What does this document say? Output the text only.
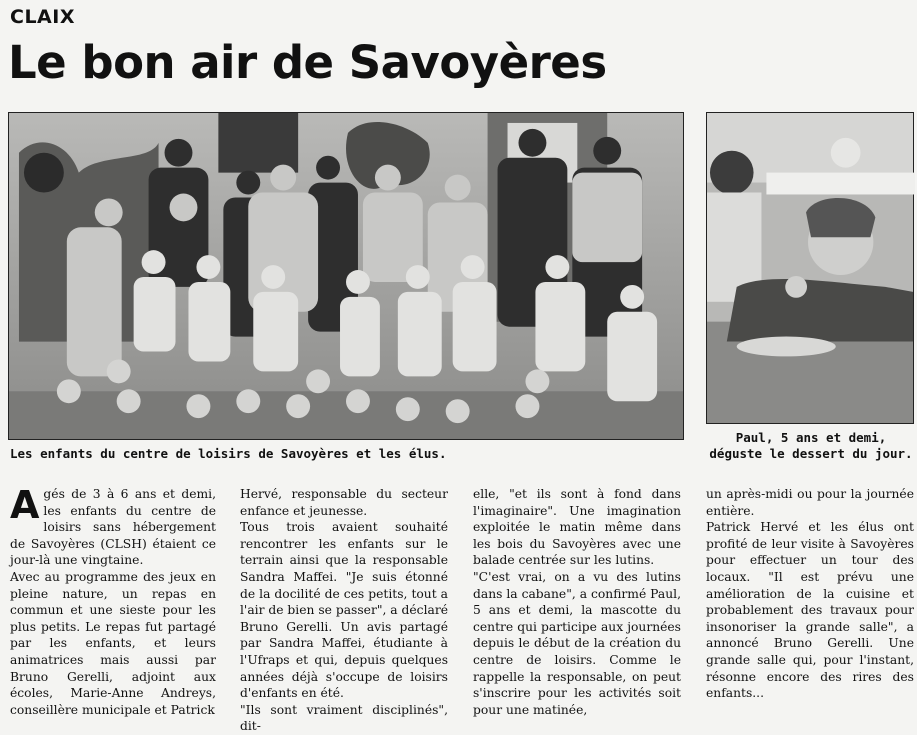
CLAIX
Le bon air de Savoyères
Les enfants du centre de loisirs de Savoyères et les élus.
Paul, 5 ans et demi,
déguste le dessert du jour.
A gés de 3 à 6 ans et demi, les enfants du centre de loisirs sans hébergement de Savoyères (CLSH) étaient ce jour-là une vingtaine.

Avec au programme des jeux en pleine nature, un repas en commun et une sieste pour les plus petits. Le repas fut partagé par les enfants, et leurs animatrices mais aussi par Bruno Gerelli, adjoint aux écoles, Marie-Anne Andreys, conseillère municipale et Patrick

Hervé, responsable du secteur enfance et jeunesse.

Tous trois avaient souhaité rencontrer les enfants sur le terrain ainsi que la responsable Sandra Maffei. "Je suis étonné de la docilité de ces petits, tout a l'air de bien se passer", a déclaré Bruno Gerelli. Un avis partagé par Sandra Maffei, étudiante à l'Ufraps et qui, depuis quelques années déjà s'occupe de loisirs d'enfants en été.

"Ils sont vraiment disciplinés", dit-

elle, "et ils sont à fond dans l'imaginaire". Une imagination exploitée le matin même dans les bois du Savoyères avec une balade centrée sur les lutins.

"C'est vrai, on a vu des lutins dans la cabane", a confirmé Paul, 5 ans et demi, la mascotte du centre qui participe aux journées depuis le début de la création du centre de loisirs. Comme le rappelle la responsable, on peut s'inscrire pour les activités soit pour une matinée,

un après-midi ou pour la journée entière.

Patrick Hervé et les élus ont profité de leur visite à Savoyères pour effectuer un tour des locaux. "Il est prévu une amélioration de la cuisine et probablement des travaux pour insonoriser la grande salle", a annoncé Bruno Gerelli. Une grande salle qui, pour l'instant, résonne encore des rires des enfants...
